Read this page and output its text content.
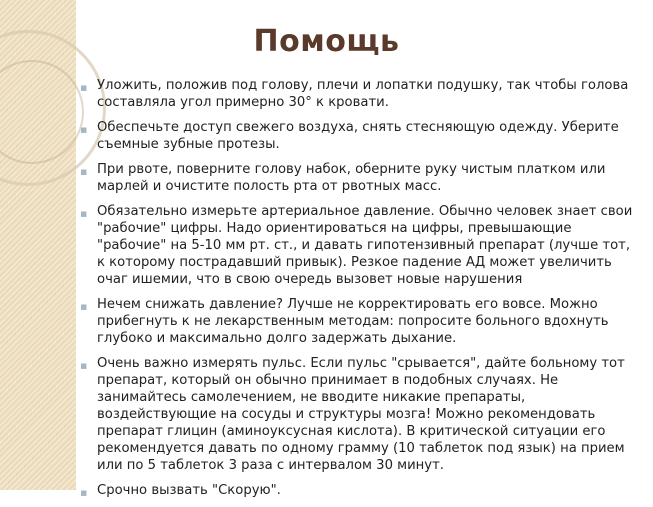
Помощь
▪ Уложить, положив под голову, плечи и лопатки подушку, так чтобы голова составляла угол примерно 30° к кровати.
▪ Обеспечьте доступ свежего воздуха, снять стесняющую одежду. Уберите съемные зубные протезы.
▪ При рвоте, поверните голову набок, оберните руку чистым платком или марлей и очистите полость рта от рвотных масс.
▪ Обязательно измерьте артериальное давление. Обычно человек знает свои "рабочие" цифры. Надо ориентироваться на цифры, превышающие "рабочие" на 5-10 мм рт. ст., и давать гипотензивный препарат (лучше тот, к которому пострадавший привык). Резкое падение АД может увеличить очаг ишемии, что в свою очередь вызовет новые нарушения
▪ Нечем снижать давление? Лучше не корректировать его вовсе. Можно прибегнуть к не лекарственным методам: попросите больного вдохнуть глубоко и максимально долго задержать дыхание.
▪ Очень важно измерять пульс. Если пульс "срывается", дайте больному тот препарат, который он обычно принимает в подобных случаях. Не занимайтесь самолечением, не вводите никакие препараты, воздействующие на сосуды и структуры мозга! Можно рекомендовать препарат глицин (аминоуксусная кислота). В критической ситуации его рекомендуется давать по одному грамму (10 таблеток под язык) на прием или по 5 таблеток 3 раза с интервалом 30 минут.
▪ Срочно вызвать "Скорую".
